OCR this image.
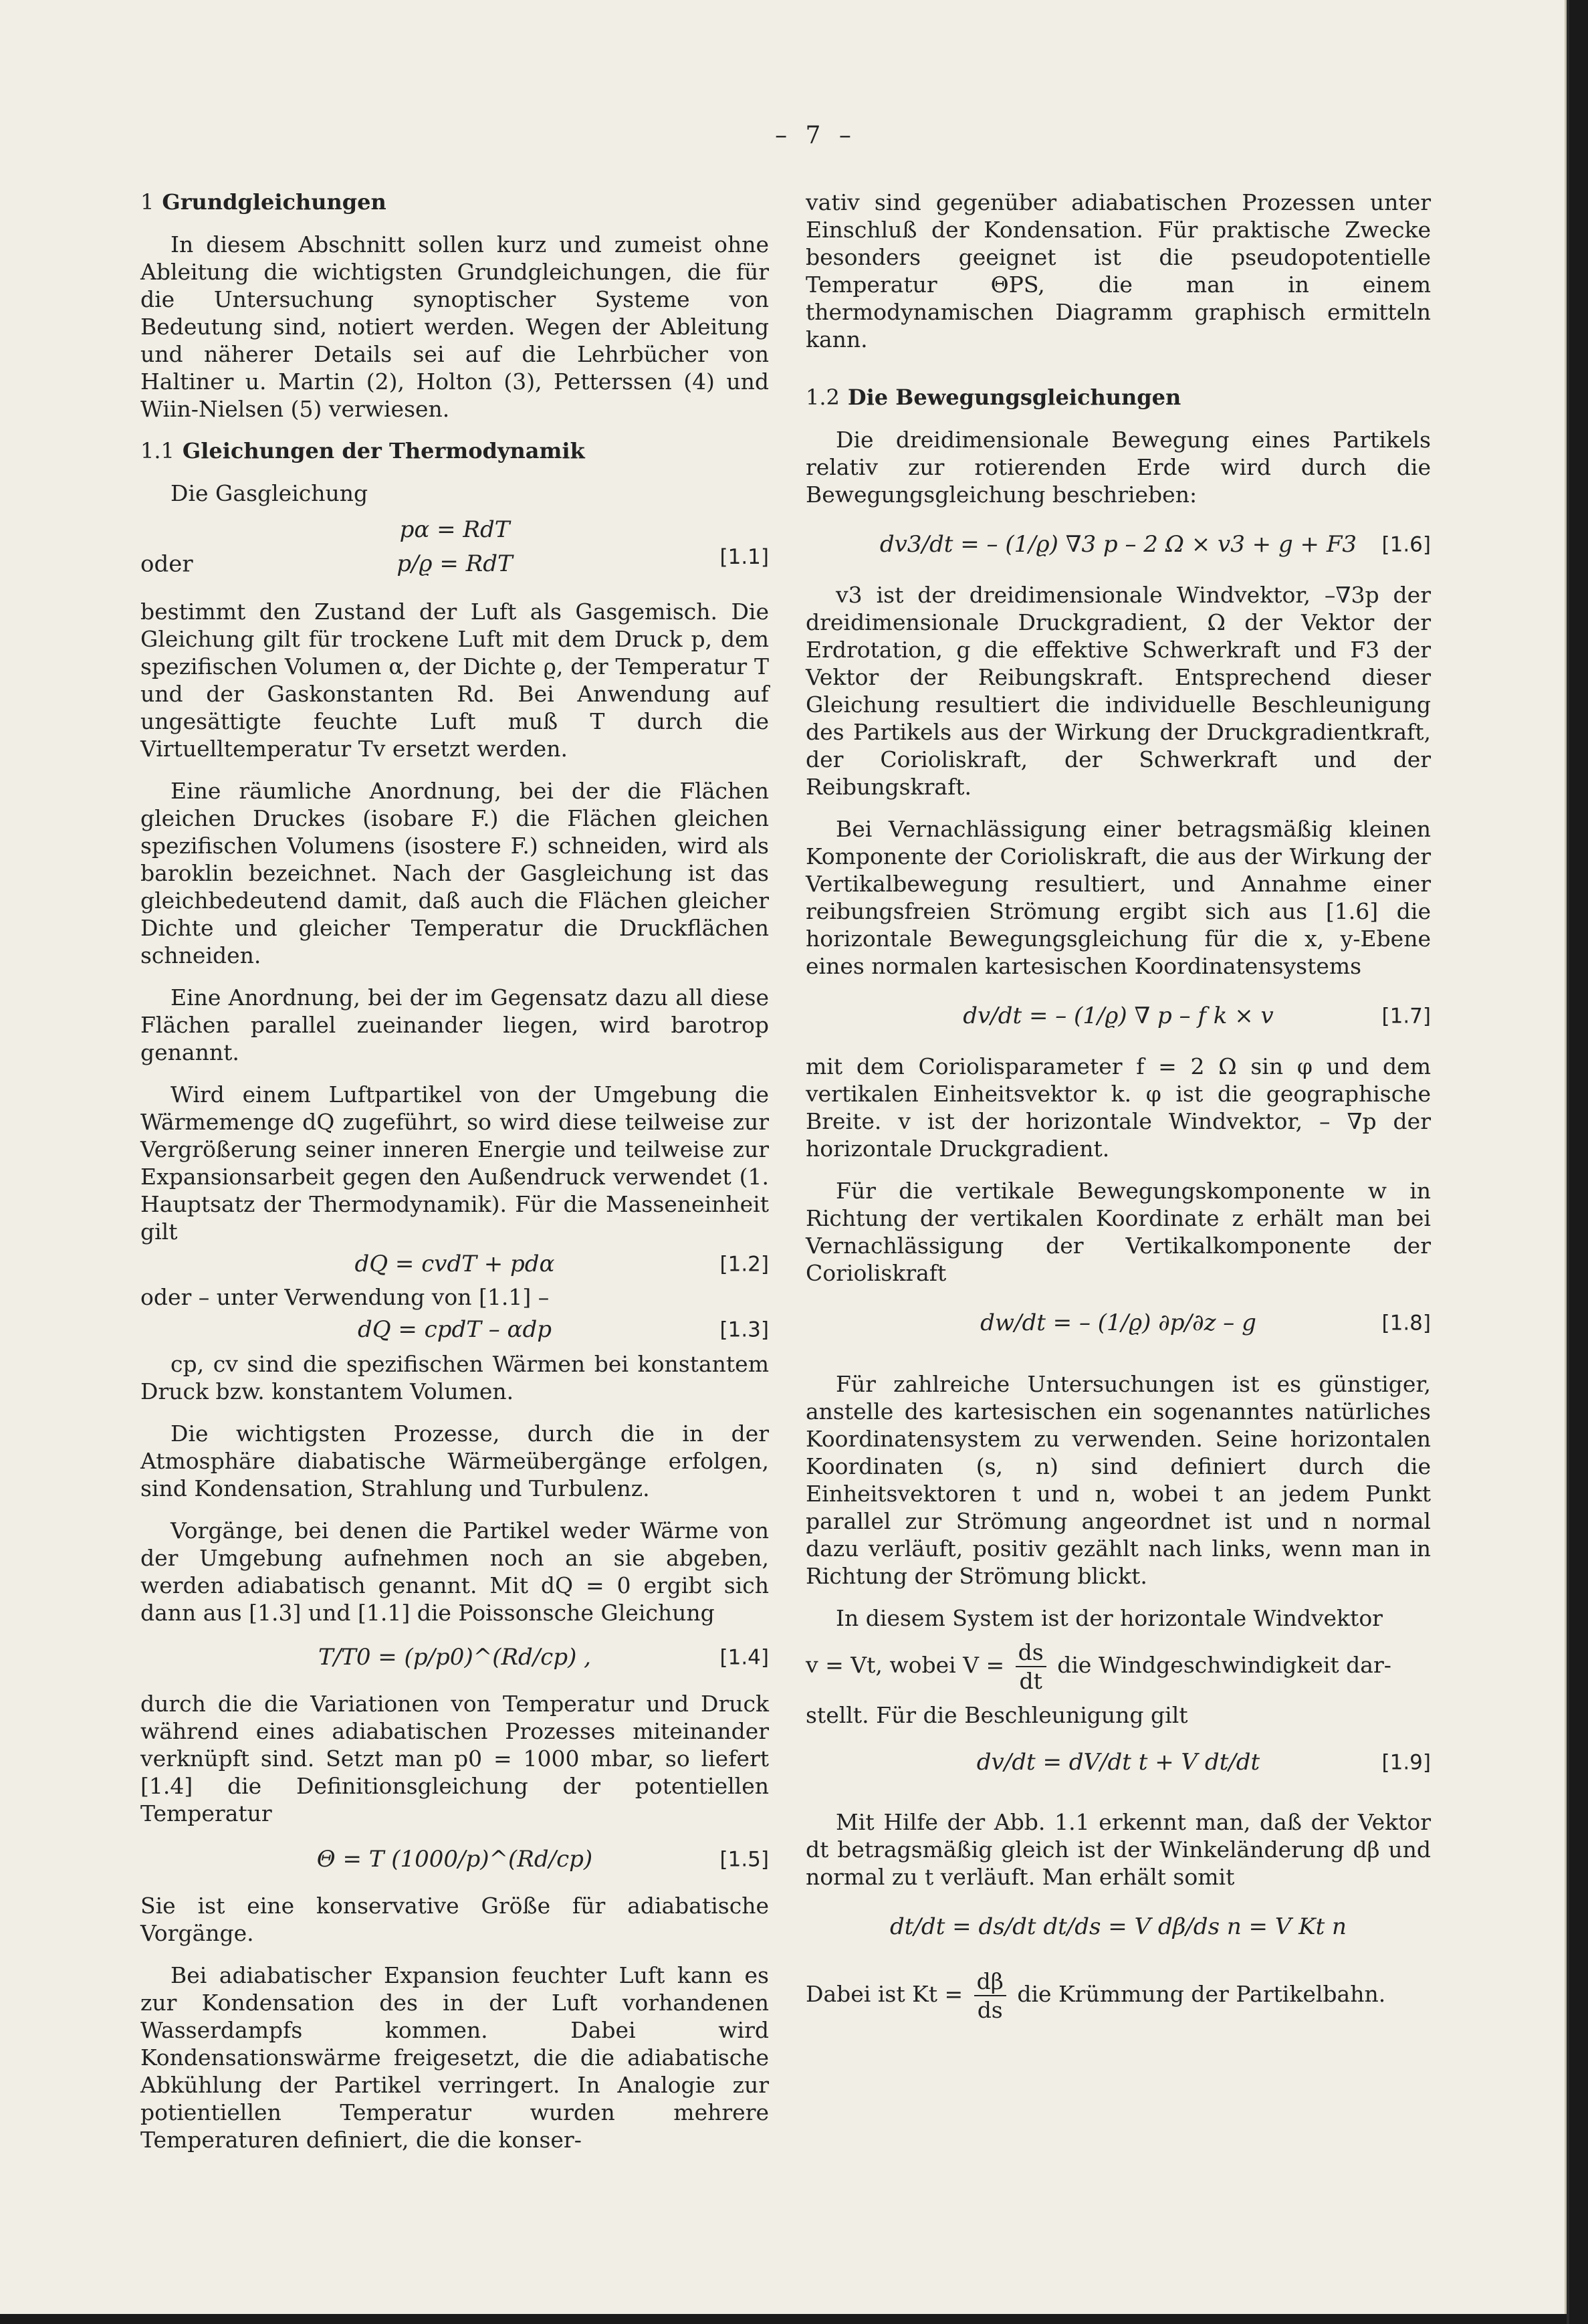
– 7 –
1 Grundgleichungen

In diesem Abschnitt sollen kurz und zumeist ohne Ableitung die wichtigsten Grundgleichungen, die für die Untersuchung synoptischer Systeme von Bedeutung sind, notiert werden. Wegen der Ableitung und näherer Details sei auf die Lehrbücher von Haltiner u. Martin (2), Holton (3), Petterssen (4) und Wiin-Nielsen (5) verwiesen.

1.1 Gleichungen der Thermodynamik

Die Gasgleichung

pα = RdT
oder	p/ϱ = RdT	[1.1]

bestimmt den Zustand der Luft als Gasgemisch. Die Gleichung gilt für trockene Luft mit dem Druck p, dem spezifischen Volumen α, der Dichte ϱ, der Temperatur T und der Gaskonstanten Rd. Bei Anwendung auf ungesättigte feuchte Luft muß T durch die Virtuelltemperatur Tv ersetzt werden.

Eine räumliche Anordnung, bei der die Flächen gleichen Druckes (isobare F.) die Flächen gleichen spezifischen Volumens (isostere F.) schneiden, wird als baroklin bezeichnet. Nach der Gasgleichung ist das gleichbedeutend damit, daß auch die Flächen gleicher Dichte und gleicher Temperatur die Druckflächen schneiden.

Eine Anordnung, bei der im Gegensatz dazu all diese Flächen parallel zueinander liegen, wird barotrop genannt.

Wird einem Luftpartikel von der Umgebung die Wärmemenge dQ zugeführt, so wird diese teilweise zur Vergrößerung seiner inneren Energie und teilweise zur Expansionsarbeit gegen den Außendruck verwendet (1. Hauptsatz der Thermodynamik). Für die Masseneinheit gilt

dQ = cvdT + pdα	[1.2]

oder – unter Verwendung von [1.1] –

dQ = cpdT – αdp	[1.3]

cp, cv sind die spezifischen Wärmen bei konstantem Druck bzw. konstantem Volumen.

Die wichtigsten Prozesse, durch die in der Atmosphäre diabatische Wärmeübergänge erfolgen, sind Kondensation, Strahlung und Turbulenz.

Vorgänge, bei denen die Partikel weder Wärme von der Umgebung aufnehmen noch an sie abgeben, werden adiabatisch genannt. Mit dQ = 0 ergibt sich dann aus [1.3] und [1.1] die Poissonsche Gleichung

T/T0 = (p/p0)^(Rd/cp) ,	[1.4]

durch die die Variationen von Temperatur und Druck während eines adiabatischen Prozesses miteinander verknüpft sind. Setzt man p0 = 1000 mbar, so liefert [1.4] die Definitionsgleichung der potentiellen Temperatur

Θ = T (1000/p)^(Rd/cp)	[1.5]

Sie ist eine konservative Größe für adiabatische Vorgänge.

Bei adiabatischer Expansion feuchter Luft kann es zur Kondensation des in der Luft vorhandenen Wasserdampfs kommen. Dabei wird Kondensationswärme freigesetzt, die die adiabatische Abkühlung der Partikel verringert. In Analogie zur potientiellen Temperatur wurden mehrere Temperaturen definiert, die die konser-

vativ sind gegenüber adiabatischen Prozessen unter Einschluß der Kondensation. Für praktische Zwecke besonders geeignet ist die pseudopotentielle Temperatur ΘPS, die man in einem thermodynamischen Diagramm graphisch ermitteln kann.

1.2 Die Bewegungsgleichungen

Die dreidimensionale Bewegung eines Partikels relativ zur rotierenden Erde wird durch die Bewegungsgleichung beschrieben:

dv3/dt = – (1/ϱ) ∇3 p – 2 Ω × v3 + g + F3 [1.6]

v3 ist der dreidimensionale Windvektor, –∇3p der dreidimensionale Druckgradient, Ω der Vektor der Erdrotation, g die effektive Schwerkraft und F3 der Vektor der Reibungskraft. Entsprechend dieser Gleichung resultiert die individuelle Beschleunigung des Partikels aus der Wirkung der Druckgradientkraft, der Corioliskraft, der Schwerkraft und der Reibungskraft.

Bei Vernachlässigung einer betragsmäßig kleinen Komponente der Corioliskraft, die aus der Wirkung der Vertikalbewegung resultiert, und Annahme einer reibungsfreien Strömung ergibt sich aus [1.6] die horizontale Bewegungsgleichung für die x, y-Ebene eines normalen kartesischen Koordinatensystems

dv/dt = – (1/ϱ) ∇ p – f k × v	[1.7]

mit dem Coriolisparameter f = 2 Ω sin φ und dem vertikalen Einheitsvektor k. φ ist die geographische Breite. v ist der horizontale Windvektor, – ∇p der horizontale Druckgradient.

Für die vertikale Bewegungskomponente w in Richtung der vertikalen Koordinate z erhält man bei Vernachlässigung der Vertikalkomponente der Corioliskraft

dw/dt = – (1/ϱ) ∂p/∂z – g	[1.8]

Für zahlreiche Untersuchungen ist es günstiger, anstelle des kartesischen ein sogenanntes natürliches Koordinatensystem zu verwenden. Seine horizontalen Koordinaten (s, n) sind definiert durch die Einheitsvektoren t und n, wobei t an jedem Punkt parallel zur Strömung angeordnet ist und n normal dazu verläuft, positiv gezählt nach links, wenn man in Richtung der Strömung blickt.

In diesem System ist der horizontale Windvektor

v = Vt, wobei $V = \frac{ds}{dt}$ die Windgeschwindigkeit dar-

stellt. Für die Beschleunigung gilt

dv/dt = dV/dt t + V dt/dt	[1.9]

Mit Hilfe der Abb. 1.1 erkennt man, daß der Vektor dt betragsmäßig gleich ist der Winkeländerung dβ und normal zu t verläuft. Man erhält somit

dt/dt = ds/dt dt/ds = V dβ/ds n = V Kt n

Dabei ist $Kt = \frac{d\beta}{ds}$ die Krümmung der Partikelbahn.
